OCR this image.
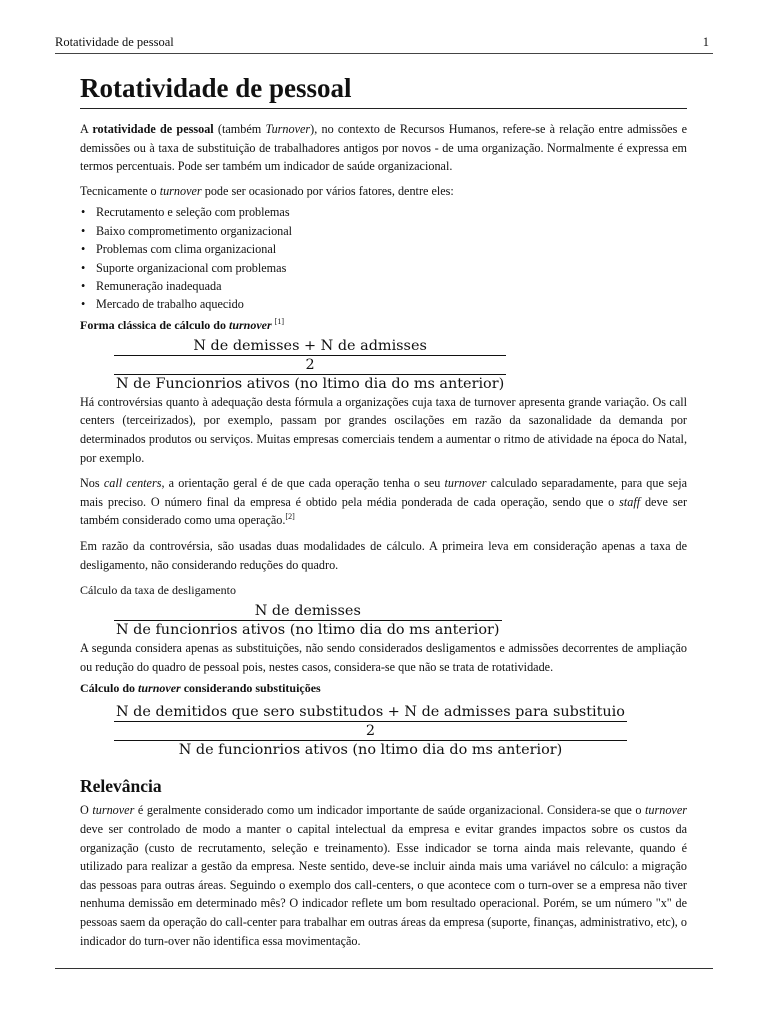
Rotatividade de pessoal	1
Rotatividade de pessoal

A rotatividade de pessoal (também Turnover), no contexto de Recursos Humanos, refere-se à relação entre admissões e demissões ou à taxa de substituição de trabalhadores antigos por novos - de uma organização. Normalmente é expressa em termos percentuais. Pode ser também um indicador de saúde organizacional.

Tecnicamente o turnover pode ser ocasionado por vários fatores, dentre eles:

• Recrutamento e seleção com problemas
• Baixo comprometimento organizacional
• Problemas com clima organizacional
• Suporte organizacional com problemas
• Remuneração inadequada
• Mercado de trabalho aquecido

Forma clássica de cálculo do turnover [1]

N de demisses + N de admisses
2
N de Funcionrios ativos (no ltimo dia do ms anterior)

Há controvérsias quanto à adequação desta fórmula a organizações cuja taxa de turnover apresenta grande variação. Os call centers (terceirizados), por exemplo, passam por grandes oscilações em razão da sazonalidade da demanda por determinados produtos ou serviços. Muitas empresas comerciais tendem a aumentar o ritmo de atividade na época do Natal, por exemplo.

Nos call centers, a orientação geral é de que cada operação tenha o seu turnover calculado separadamente, para que seja mais preciso. O número final da empresa é obtido pela média ponderada de cada operação, sendo que o staff deve ser também considerado como uma operação.[2]

Em razão da controvérsia, são usadas duas modalidades de cálculo. A primeira leva em consideração apenas a taxa de desligamento, não considerando reduções do quadro.

Cálculo da taxa de desligamento

N de demisses
N de funcionrios ativos (no ltimo dia do ms anterior)

A segunda considera apenas as substituições, não sendo considerados desligamentos e admissões decorrentes de ampliação ou redução do quadro de pessoal pois, nestes casos, considera-se que não se trata de rotatividade.

Cálculo do turnover considerando substituições

N de demitidos que sero substitudos + N de admisses para substituio
2
N de funcionrios ativos (no ltimo dia do ms anterior)
Relevância

O turnover é geralmente considerado como um indicador importante de saúde organizacional. Considera-se que o turnover deve ser controlado de modo a manter o capital intelectual da empresa e evitar grandes impactos sobre os custos da organização (custo de recrutamento, seleção e treinamento). Esse indicador se torna ainda mais relevante, quando é utilizado para realizar a gestão da empresa. Neste sentido, deve-se incluir ainda mais uma variável no cálculo: a migração das pessoas para outras áreas. Seguindo o exemplo dos call-centers, o que acontece com o turn-over se a empresa não tiver nenhuma demissão em determinado mês? O indicador reflete um bom resultado operacional. Porém, se um número "x" de pessoas saem da operação do call-center para trabalhar em outras áreas da empresa (suporte, finanças, administrativo, etc), o indicador do turn-over não identifica essa movimentação.
